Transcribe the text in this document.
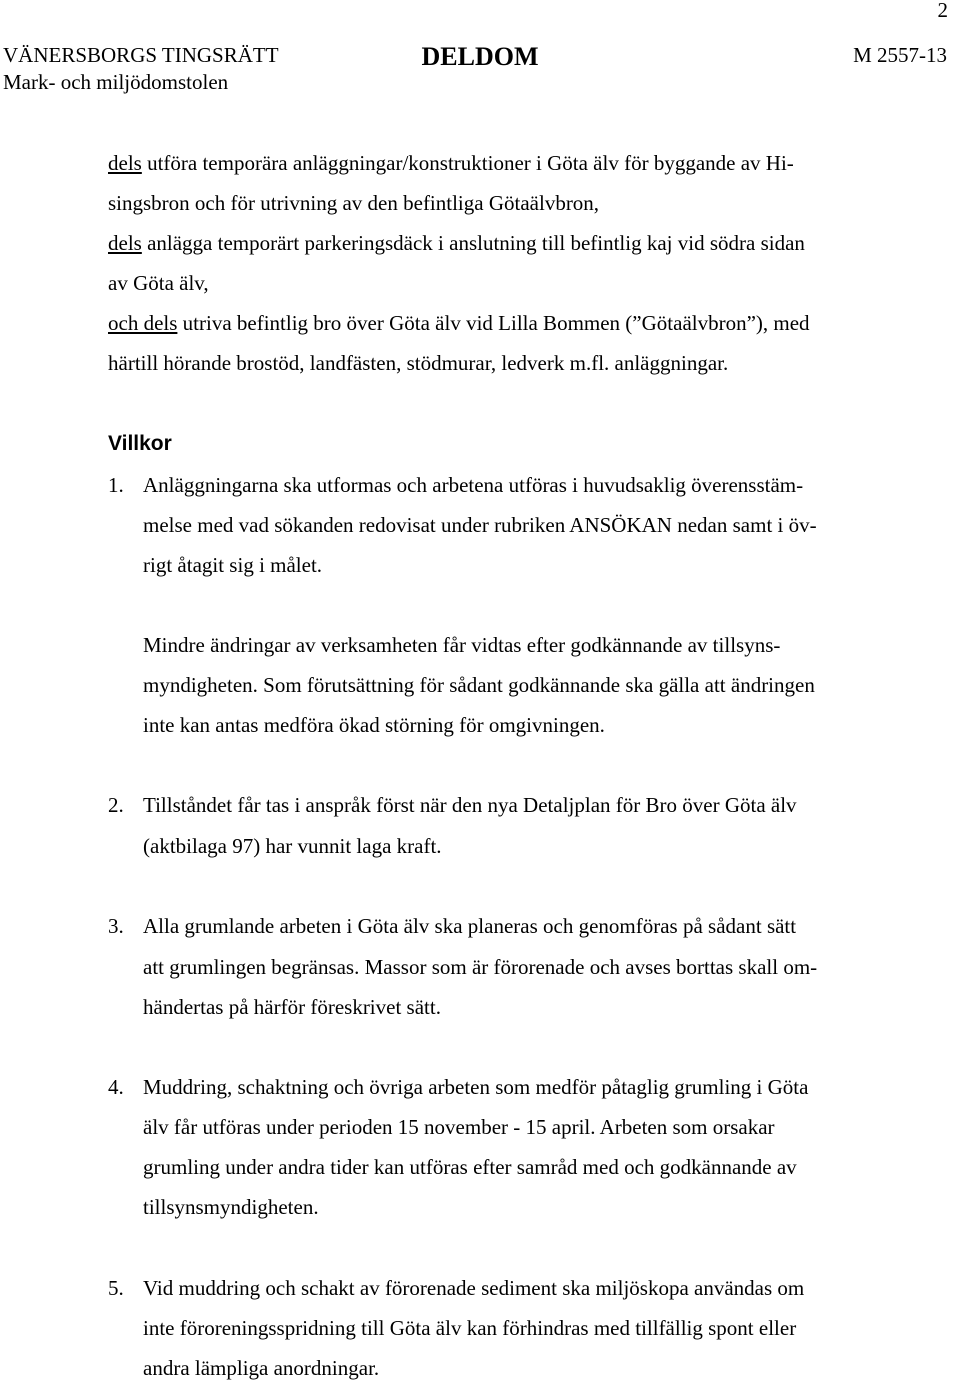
2
VÄNERSBORGS TINGSRÄTT	DELDOM	M 2557-13
Mark- och miljödomstolen
dels utföra temporära anläggningar/konstruktioner i Göta älv för byggande av Hi-
singsbron och för utrivning av den befintliga Götaälvbron,
dels anlägga temporärt parkeringsdäck i anslutning till befintlig kaj vid södra sidan
av Göta älv,
och dels utriva befintlig bro över Göta älv vid Lilla Bommen (”Götaälvbron”), med
härtill hörande brostöd, landfästen, stödmurar, ledverk m.fl. anläggningar.
Villkor
1. Anläggningarna ska utformas och arbetena utföras i huvudsaklig överensstäm-
melse med vad sökanden redovisat under rubriken ANSÖKAN nedan samt i öv-
rigt åtagit sig i målet.
Mindre ändringar av verksamheten får vidtas efter godkännande av tillsyns-
myndigheten. Som förutsättning för sådant godkännande ska gälla att ändringen
inte kan antas medföra ökad störning för omgivningen.
2. Tillståndet får tas i anspråk först när den nya Detaljplan för Bro över Göta älv
(aktbilaga 97) har vunnit laga kraft.
3. Alla grumlande arbeten i Göta älv ska planeras och genomföras på sådant sätt
att grumlingen begränsas. Massor som är förorenade och avses borttas skall om-
händertas på härför föreskrivet sätt.
4. Muddring, schaktning och övriga arbeten som medför påtaglig grumling i Göta
älv får utföras under perioden 15 november - 15 april. Arbeten som orsakar
grumling under andra tider kan utföras efter samråd med och godkännande av
tillsynsmyndigheten.
5. Vid muddring och schakt av förorenade sediment ska miljöskopa användas om
inte föroreningsspridning till Göta älv kan förhindras med tillfällig spont eller
andra lämpliga anordningar.
